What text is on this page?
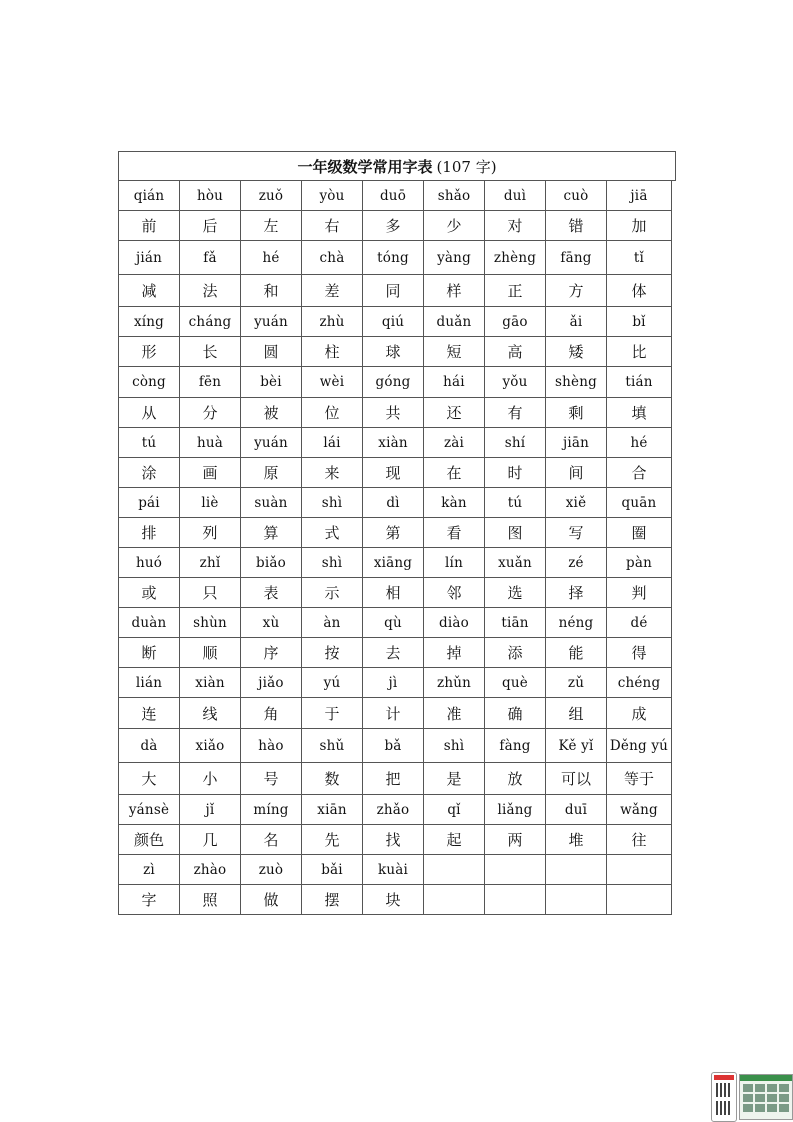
一年级数学常用字表 (107 字)
qián	hòu	zuǒ	yòu	duō	shǎo	duì	cuò	jiā
前	后	左	右	多	少	对	错	加
jián	fǎ	hé	chà	tóng	yàng	zhèng	fāng	tǐ
减	法	和	差	同	样	正	方	体
xíng	cháng	yuán	zhù	qiú	duǎn	gāo	ǎi	bǐ
形	长	圆	柱	球	短	高	矮	比
còng	fēn	bèi	wèi	góng	hái	yǒu	shèng	tián
从	分	被	位	共	还	有	剩	填
tú	huà	yuán	lái	xiàn	zài	shí	jiān	hé
涂	画	原	来	现	在	时	间	合
pái	liè	suàn	shì	dì	kàn	tú	xiě	quān
排	列	算	式	第	看	图	写	圈
huó	zhǐ	biǎo	shì	xiāng	lín	xuǎn	zé	pàn
或	只	表	示	相	邻	选	择	判
duàn	shùn	xù	àn	qù	diào	tiān	néng	dé
断	顺	序	按	去	掉	添	能	得
lián	xiàn	jiǎo	yú	jì	zhǔn	què	zǔ	chéng
连	线	角	于	计	准	确	组	成
dà	xiǎo	hào	shǔ	bǎ	shì	fàng	Kě yǐ	Děng yú
大	小	号	数	把	是	放	可以	等于
yánsè	jǐ	míng	xiān	zhǎo	qǐ	liǎng	duī	wǎng
颜色	几	名	先	找	起	两	堆	往
zì	zhào	zuò	bǎi	kuài
字	照	做	摆	块
